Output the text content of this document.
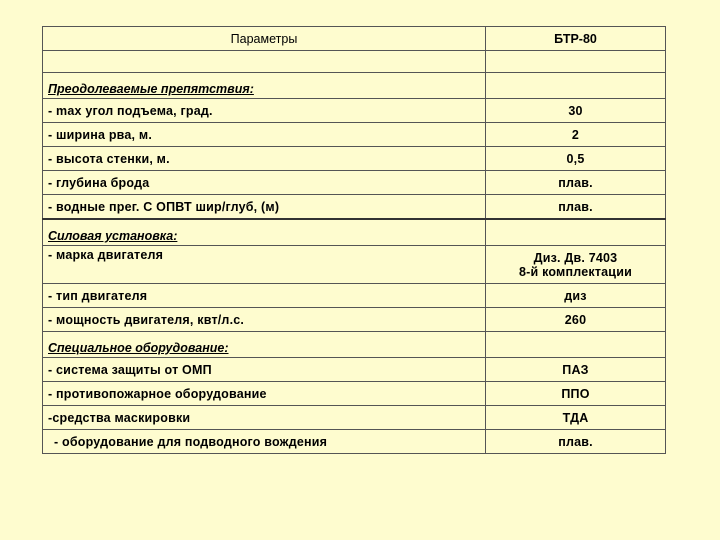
Параметры	БТР-80

Преодолеваемые препятствия:	
- max угол подъема, град.	30
- ширина рва, м.	2
- высота стенки, м.	0,5
- глубина брода	плав.
- водные прег. С ОПВТ шир/глуб, (м)	плав.
Силовая установка:	
- марка двигателя	Диз. Дв. 7403
8-й комплектации

- тип двигателя	диз
- мощность двигателя, квт/л.с.	260
Специальное оборудование:	
- система защиты от ОМП	ПАЗ
- противопожарное оборудование	ППО
-средства маскировки	ТДА
- оборудование для подводного вождения	плав.
